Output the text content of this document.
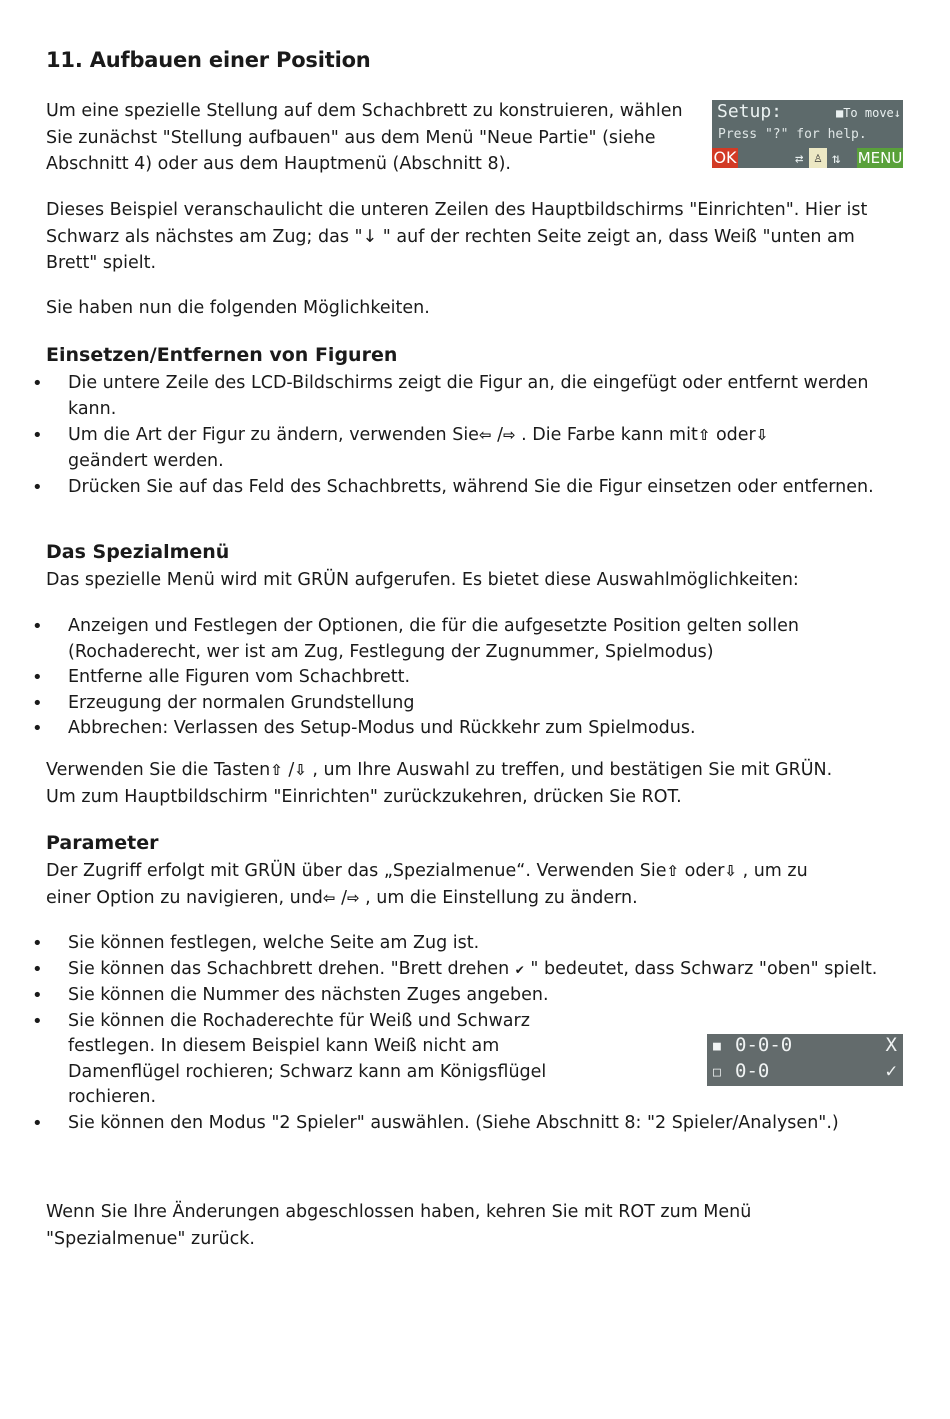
11. Aufbauen einer Position

Um eine spezielle Stellung auf dem Schachbrett zu konstruieren, wählen Sie zunächst "Stellung aufbauen" aus dem Menü "Neue Partie" (siehe Abschnitt 4) oder aus dem Hauptmenü (Abschnitt 8).

Dieses Beispiel veranschaulicht die unteren Zeilen des Hauptbildschirms "Einrichten". Hier ist Schwarz als nächstes am Zug; das "↓ " auf der rechten Seite zeigt an, dass Weiß "unten am Brett" spielt.

Sie haben nun die folgenden Möglichkeiten.

Einsetzen/Entfernen von Figuren
• Die untere Zeile des LCD-Bildschirms zeigt die Figur an, die eingefügt oder entfernt werden kann.
• Um die Art der Figur zu ändern, verwenden Sie⇦ /⇨ . Die Farbe kann mit⇧ oder⇩
geändert werden.
• Drücken Sie auf das Feld des Schachbretts, während Sie die Figur einsetzen oder entfernen.
Das Spezialmenü

Das spezielle Menü wird mit GRÜN aufgerufen. Es bietet diese Auswahlmöglichkeiten:

• Anzeigen und Festlegen der Optionen, die für die aufgesetzte Position gelten sollen (Rochaderecht, wer ist am Zug, Festlegung der Zugnummer, Spielmodus)
• Entferne alle Figuren vom Schachbrett.
• Erzeugung der normalen Grundstellung
• Abbrechen: Verlassen des Setup-Modus und Rückkehr zum Spielmodus.

Verwenden Sie die Tasten⇧ /⇩ , um Ihre Auswahl zu treffen, und bestätigen Sie mit GRÜN.
Um zum Hauptbildschirm "Einrichten" zurückzukehren, drücken Sie ROT.

Parameter

Der Zugriff erfolgt mit GRÜN über das „Spezialmenue“. Verwenden Sie⇧ oder⇩ , um zu
einer Option zu navigieren, und⇦ /⇨ , um die Einstellung zu ändern.

• Sie können festlegen, welche Seite am Zug ist.
• Sie können das Schachbrett drehen. "Brett drehen ✔ " bedeutet, dass Schwarz "oben" spielt.
• Sie können die Nummer des nächsten Zuges angeben.
• Sie können die Rochaderechte für Weiß und Schwarz festlegen. In diesem Beispiel kann Weiß nicht am Damenflügel rochieren; Schwarz kann am Königsflügel rochieren.
• Sie können den Modus "2 Spieler" auswählen. (Siehe Abschnitt 8: "2 Spieler/Analysen".)

Wenn Sie Ihre Änderungen abgeschlossen haben, kehren Sie mit ROT zum Menü "Spezialmenue" zurück.

Setup:	■To move↓
Press "?" for help.
OK	⇄ ♙ ⇅ MENU
■ 0-0-0	X
□ 0-0	✓
